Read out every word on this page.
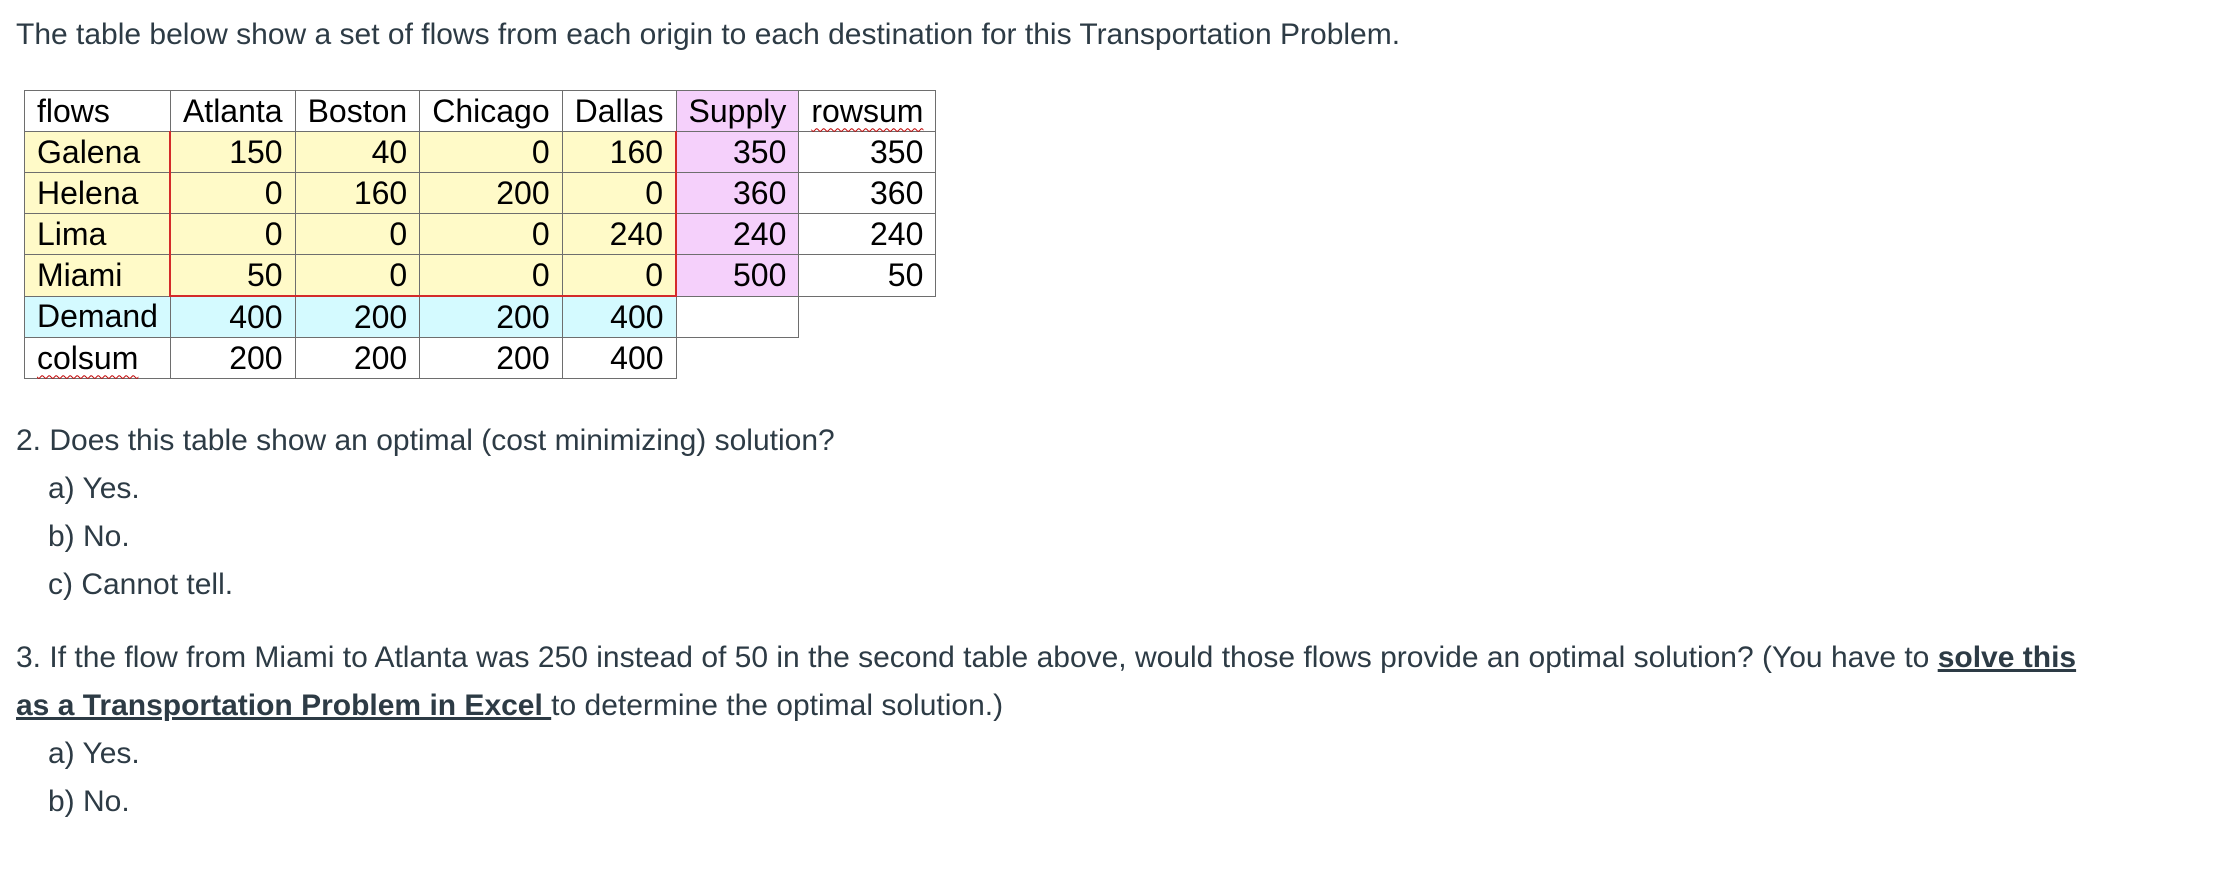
The table below show a set of flows from each origin to each destination for this Transportation Problem.
flows	Atlanta	Boston	Chicago	Dallas	Supply	rowsum
Galena	150	40	0	160	350	350
Helena	0	160	200	0	360	360
Lima	0	0	0	240	240	240
Miami	50	0	0	0	500	50
Demand	400	200	200	400		
colsum	200	200	200	400		
2. Does this table show an optimal (cost minimizing) solution?
a) Yes.
b) No.
c) Cannot tell.
3. If the flow from Miami to Atlanta was 250 instead of 50 in the second table above, would those flows provide an optimal solution? (You have to solve this
as a Transportation Problem in Excel to determine the optimal solution.)
a) Yes.
b) No.
